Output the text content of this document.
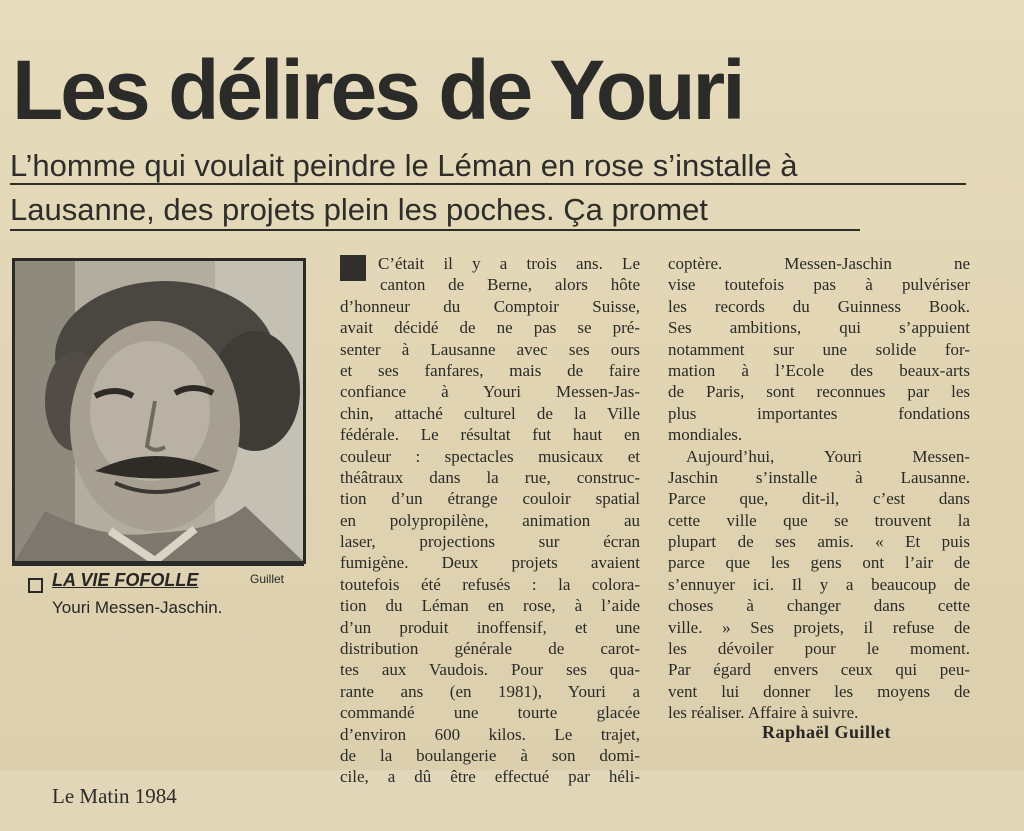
Les délires de Youri
L’homme qui voulait peindre le Léman en rose s’installe à
Lausanne, des projets plein les poches. Ça promet
LA VIE FOFOLLE	Guillet
Youri Messen-Jaschin.
C’était il y a trois ans. Le
canton de Berne, alors hôte
d’honneur du Comptoir Suisse,
avait décidé de ne pas se pré-
senter à Lausanne avec ses ours
et ses fanfares, mais de faire
confiance à Youri Messen-Jas-
chin, attaché culturel de la Ville
fédérale. Le résultat fut haut en
couleur : spectacles musicaux et
théâtraux dans la rue, construc-
tion d’un étrange couloir spatial
en polypropilène, animation au
laser, projections sur écran
fumigène. Deux projets avaient
toutefois été refusés : la colora-
tion du Léman en rose, à l’aide
d’un produit inoffensif, et une
distribution générale de carot-
tes aux Vaudois. Pour ses qua-
rante ans (en 1981), Youri a
commandé une tourte glacée
d’environ 600 kilos. Le trajet,
de la boulangerie à son domi-
cile, a dû être effectué par héli-
coptère. Messen-Jaschin ne
vise toutefois pas à pulvériser
les records du Guinness Book.
Ses ambitions, qui s’appuient
notamment sur une solide for-
mation à l’Ecole des beaux-arts
de Paris, sont reconnues par les
plus importantes fondations
mondiales.
Aujourd’hui, Youri Messen-
Jaschin s’installe à Lausanne.
Parce que, dit-il, c’est dans
cette ville que se trouvent la
plupart de ses amis. « Et puis
parce que les gens ont l’air de
s’ennuyer ici. Il y a beaucoup de
choses à changer dans cette
ville. » Ses projets, il refuse de
les dévoiler pour le moment.
Par égard envers ceux qui peu-
vent lui donner les moyens de
les réaliser. Affaire à suivre.
Raphaël Guillet
Le Matin 1984
